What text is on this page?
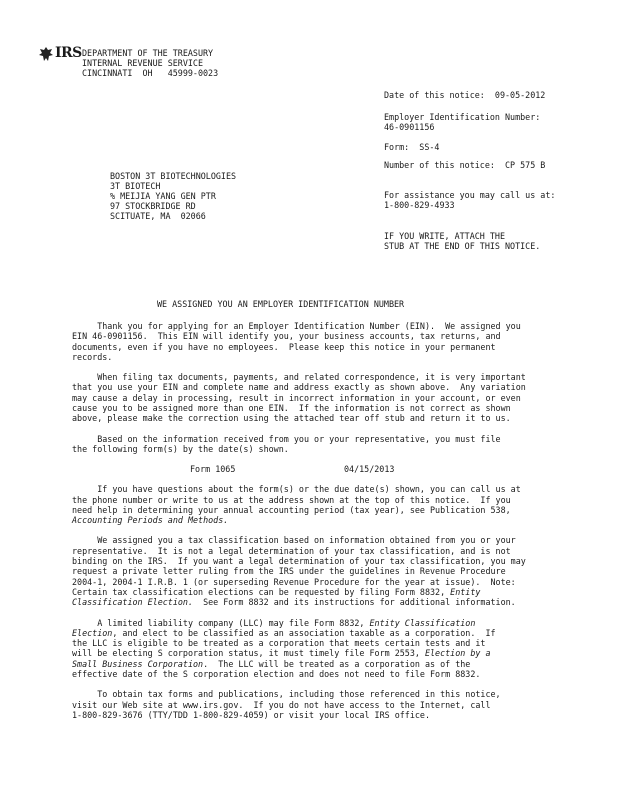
IRS DEPARTMENT OF THE TREASURY
INTERNAL REVENUE SERVICE
CINCINNATI  OH   45999-0023
Date of this notice:  09-05-2012
Employer Identification Number:
46-0901156
Form:  SS-4
Number of this notice:  CP 575 B
For assistance you may call us at:
1-800-829-4933
IF YOU WRITE, ATTACH THE
STUB AT THE END OF THIS NOTICE.
BOSTON 3T BIOTECHNOLOGIES
3T BIOTECH
% MEIJIA YANG GEN PTR
97 STOCKBRIDGE RD
SCITUATE, MA  02066
WE ASSIGNED YOU AN EMPLOYER IDENTIFICATION NUMBER

Thank you for applying for an Employer Identification Number (EIN).  We assigned you
EIN 46-0901156.  This EIN will identify you, your business accounts, tax returns, and
documents, even if you have no employees.  Please keep this notice in your permanent
records.

When filing tax documents, payments, and related correspondence, it is very important
that you use your EIN and complete name and address exactly as shown above.  Any variation
may cause a delay in processing, result in incorrect information in your account, or even
cause you to be assigned more than one EIN.  If the information is not correct as shown
above, please make the correction using the attached tear off stub and return it to us.

Based on the information received from you or your representative, you must file
the following form(s) by the date(s) shown.

Form 1065	04/15/2013

If you have questions about the form(s) or the due date(s) shown, you can call us at
the phone number or write to us at the address shown at the top of this notice.  If you
need help in determining your annual accounting period (tax year), see Publication 538,
Accounting Periods and Methods.

We assigned you a tax classification based on information obtained from you or your
representative.  It is not a legal determination of your tax classification, and is not
binding on the IRS.  If you want a legal determination of your tax classification, you may
request a private letter ruling from the IRS under the guidelines in Revenue Procedure
2004-1, 2004-1 I.R.B. 1 (or superseding Revenue Procedure for the year at issue).  Note:
Certain tax classification elections can be requested by filing Form 8832, Entity
Classification Election.  See Form 8832 and its instructions for additional information.

A limited liability company (LLC) may file Form 8832, Entity Classification
Election, and elect to be classified as an association taxable as a corporation.  If
the LLC is eligible to be treated as a corporation that meets certain tests and it
will be electing S corporation status, it must timely file Form 2553, Election by a
Small Business Corporation.  The LLC will be treated as a corporation as of the
effective date of the S corporation election and does not need to file Form 8832.

To obtain tax forms and publications, including those referenced in this notice,
visit our Web site at www.irs.gov.  If you do not have access to the Internet, call
1-800-829-3676 (TTY/TDD 1-800-829-4059) or visit your local IRS office.
